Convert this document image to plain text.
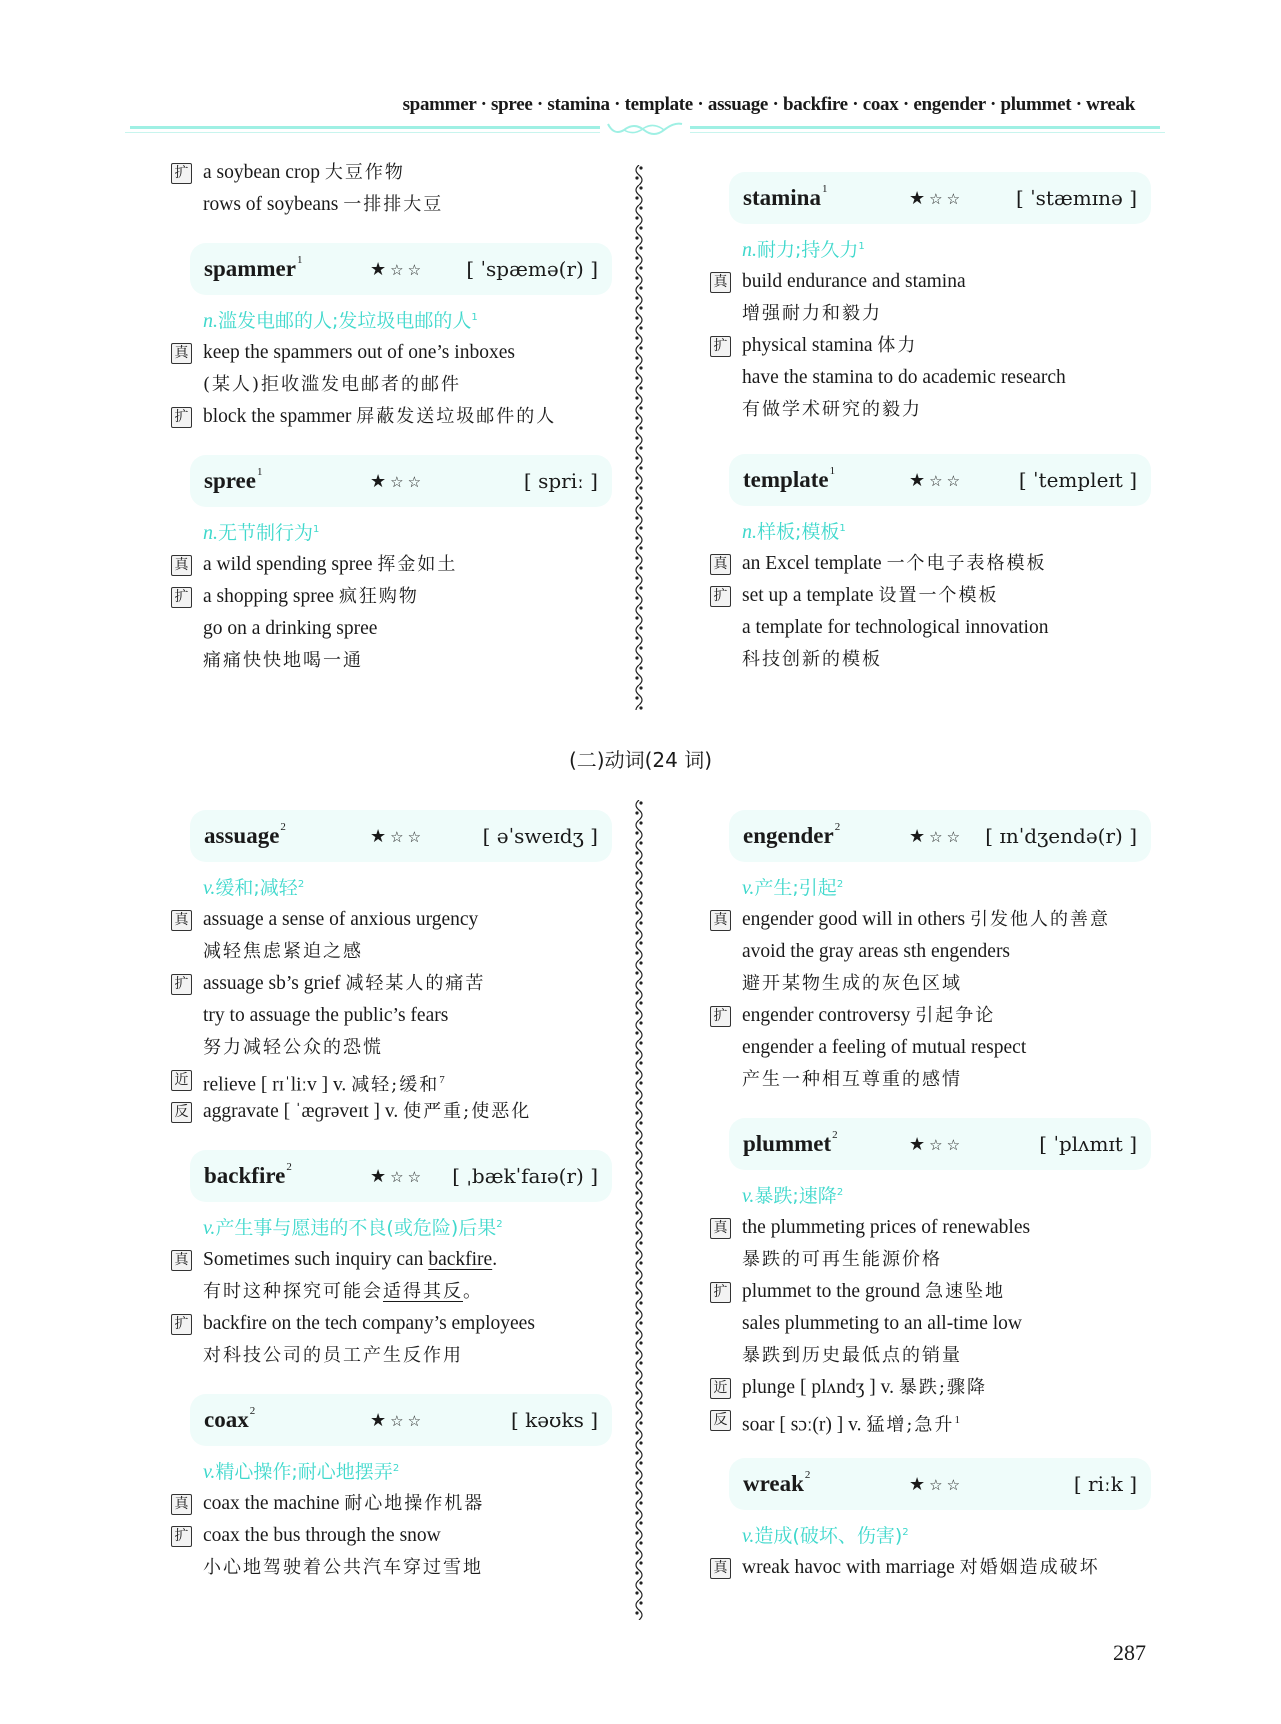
spammer · spree · stamina · template · assuage · backfire · coax · engender · plummet · wreak
扩 a soybean crop 大豆作物
rows of soybeans 一排排大豆
spammer$^1$	★☆☆ [ ˈspæmə(r) ]
n.滥发电邮的人;发垃圾电邮的人$^1$
真 keep the spammers out of one’s inboxes
(某人)拒收滥发电邮者的邮件
扩 block the spammer 屏蔽发送垃圾邮件的人
spree$^1$	★☆☆	[ spriː ]
n.无节制行为$^1$
真 a wild spending spree 挥金如土
扩 a shopping spree 疯狂购物
go on a drinking spree
痛痛快快地喝一通
stamina$^1$	★☆☆	[ ˈstæmɪnə ]
n.耐力;持久力$^1$
真 build endurance and stamina
增强耐力和毅力
扩 physical stamina 体力
have the stamina to do academic research
有做学术研究的毅力
template$^1$	★☆☆	[ ˈtempleɪt ]
n.样板;模板$^1$
真 an Excel template 一个电子表格模板
扩 set up a template 设置一个模板
a template for technological innovation
科技创新的模板
(二)动词(24 词)
assuage$^2$	★☆☆	[ əˈsweɪdʒ ]
v.缓和;减轻$^2$
真 assuage a sense of anxious urgency
减轻焦虑紧迫之感
扩 assuage sb’s grief 减轻某人的痛苦
try to assuage the public’s fears
努力减轻公众的恐慌
近 relieve [ rɪˈliːv ] v. 减轻;缓和$^7$
反 aggravate [ ˈæɡrəveɪt ] v. 使严重;使恶化
backfire$^2$	★☆☆ [ ˌbækˈfaɪə(r) ]
v.产生事与愿违的不良(或危险)后果$^2$
真 Sometimes such inquiry can backfire.
有时这种探究可能会适得其反。
扩 backfire on the tech company’s employees
对科技公司的员工产生反作用
coax$^2$	★☆☆	[ kəʊks ]
v.精心操作;耐心地摆弄$^2$
真 coax the machine 耐心地操作机器
扩 coax the bus through the snow
小心地驾驶着公共汽车穿过雪地
engender$^2$	★☆☆ [ ɪnˈdʒendə(r) ]
v.产生;引起$^2$
真 engender good will in others 引发他人的善意
avoid the gray areas sth engenders
避开某物生成的灰色区域
扩 engender controversy 引起争论
engender a feeling of mutual respect
产生一种相互尊重的感情
plummet$^2$	★☆☆	[ ˈplʌmɪt ]
v.暴跌;速降$^2$
真 the plummeting prices of renewables
暴跌的可再生能源价格
扩 plummet to the ground 急速坠地
sales plummeting to an all-time low
暴跌到历史最低点的销量
近 plunge [ plʌndʒ ] v. 暴跌;骤降
反 soar [ sɔː(r) ] v. 猛增;急升$^1$
wreak$^2$	★☆☆	[ riːk ]
v.造成(破坏、伤害)$^2$
真 wreak havoc with marriage 对婚姻造成破坏
287
